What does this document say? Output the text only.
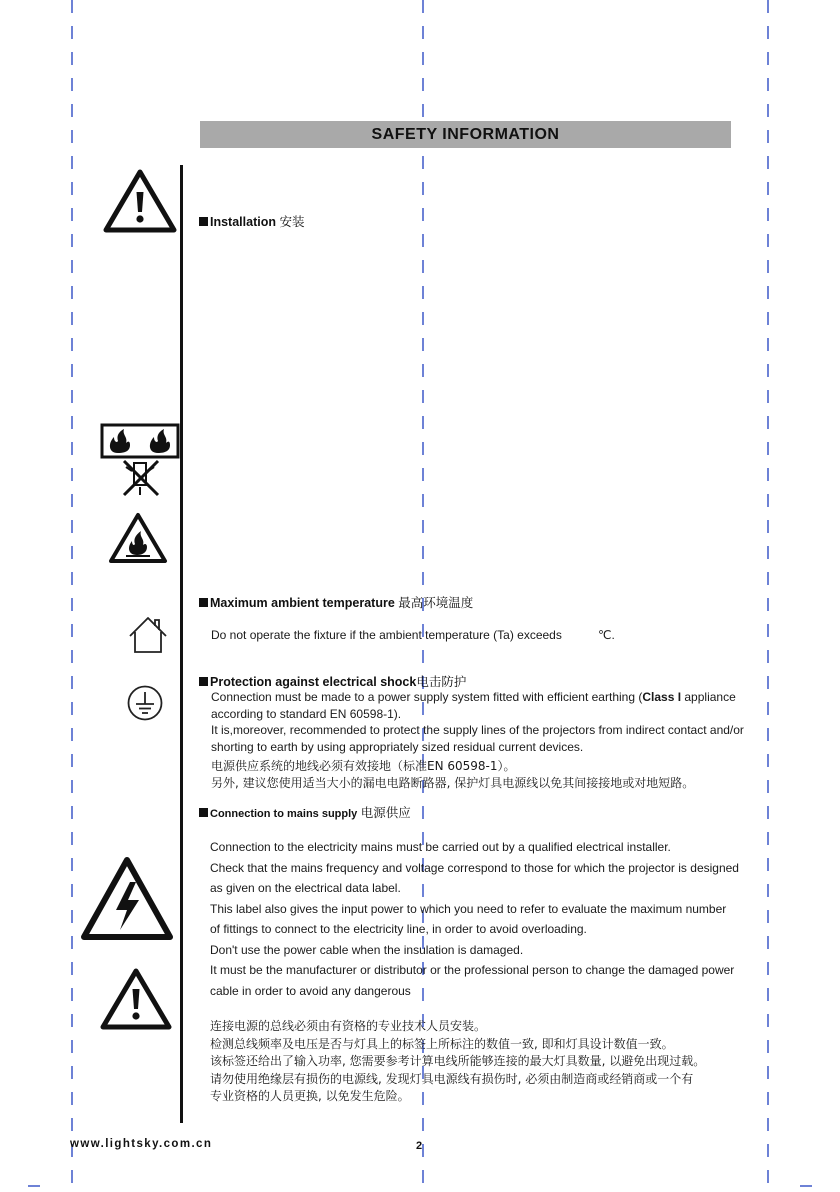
SAFETY INFORMATION
Installation 安装
Maximum ambient temperature 最高环境温度
Do not operate the fixture if the ambient temperature (Ta) exceeds	℃.
Protection against electrical shock电击防护

Connection must be made to a power supply system fitted with efficient earthing (Class I appliance

according to standard EN 60598-1).

It is,moreover, recommended to protect the supply lines of the projectors from indirect contact and/or

shorting to earth by using appropriately sized residual current devices.

电源供应系统的地线必须有效接地（标准EN 60598-1）。

另外, 建议您使用适当大小的漏电电路断路器, 保护灯具电源线以免其间接接地或对地短路。

Connection to mains supply 电源供应

Connection to the electricity mains must be carried out by a qualified electrical installer.

Check that the mains frequency and voltage correspond to those for which the projector is designed

as given on the electrical data label.

This label also gives the input power to which you need to refer to evaluate the maximum number

of fittings to connect to the electricity line, in order to avoid overloading.

Don't use the power cable when the insulation is damaged.

It must be the manufacturer or distributor or the professional person to change the damaged power

cable in order to avoid any dangerous

连接电源的总线必须由有资格的专业技术人员安装。

检测总线频率及电压是否与灯具上的标签上所标注的数值一致, 即和灯具设计数值一致。

该标签还给出了输入功率, 您需要参考计算电线所能够连接的最大灯具数量, 以避免出现过载。

请勿使用绝缘层有损伤的电源线, 发现灯具电源线有损伤时, 必须由制造商或经销商或一个有

专业资格的人员更换, 以免发生危险。

www.lightsky.com.cn	2
